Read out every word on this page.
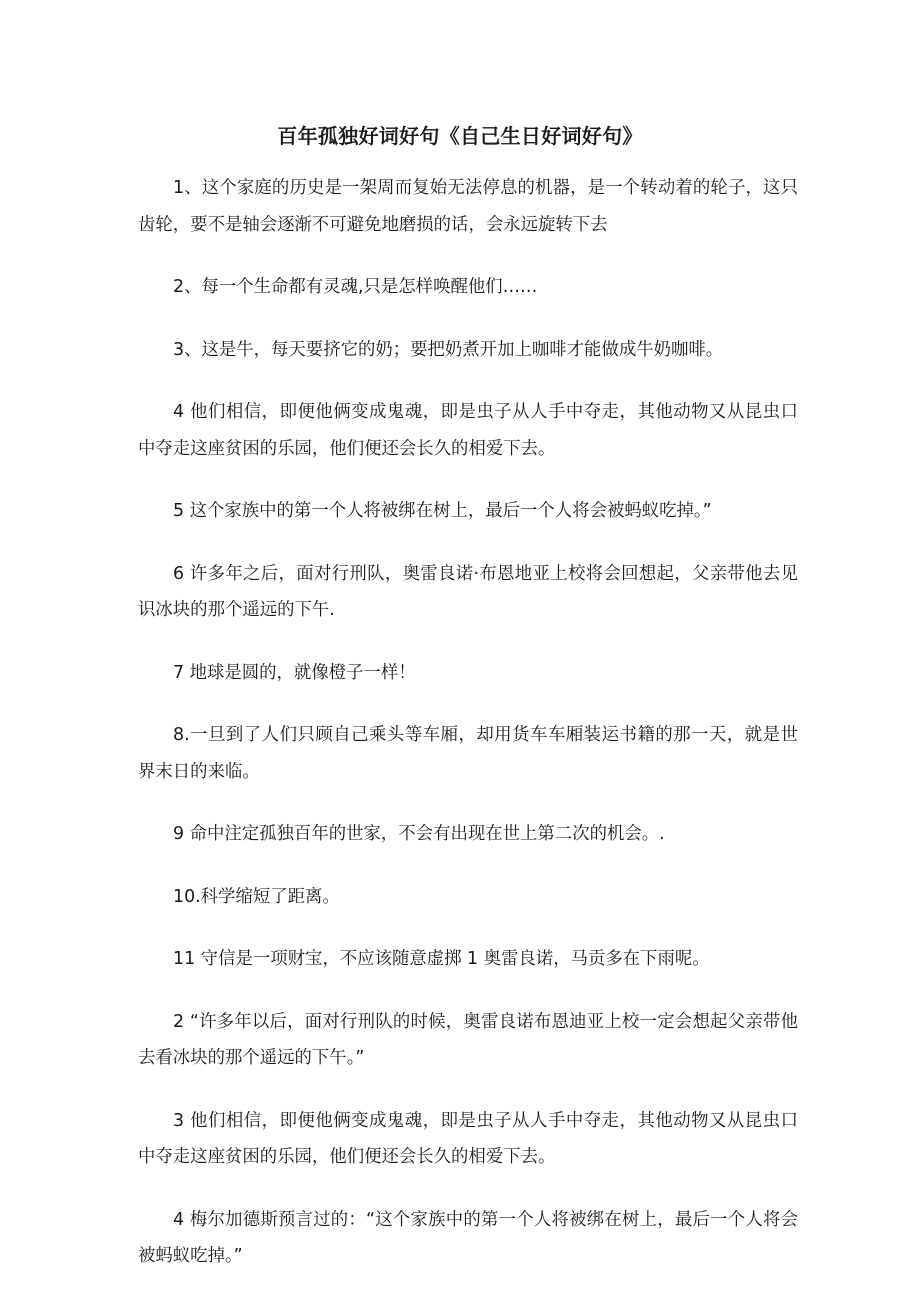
百年孤独好词好句《自己生日好词好句》

1、这个家庭的历史是一架周而复始无法停息的机器，是一个转动着的轮子，这只齿轮，要不是轴会逐渐不可避免地磨损的话，会永远旋转下去

2、每一个生命都有灵魂,只是怎样唤醒他们……

3、这是牛，每天要挤它的奶；要把奶煮开加上咖啡才能做成牛奶咖啡。

4 他们相信，即便他俩变成鬼魂，即是虫子从人手中夺走，其他动物又从昆虫口中夺走这座贫困的乐园，他们便还会长久的相爱下去。

5 这个家族中的第一个人将被绑在树上，最后一个人将会被蚂蚁吃掉。”

6 许多年之后，面对行刑队，奥雷良诺·布恩地亚上校将会回想起，父亲带他去见识冰块的那个遥远的下午.

7 地球是圆的，就像橙子一样！

8.一旦到了人们只顾自己乘头等车厢，却用货车车厢装运书籍的那一天，就是世界末日的来临。

9 命中注定孤独百年的世家，不会有出现在世上第二次的机会。.

10.科学缩短了距离。

11 守信是一项财宝，不应该随意虚掷 1 奥雷良诺，马贡多在下雨呢。

2 “许多年以后，面对行刑队的时候，奥雷良诺布恩迪亚上校一定会想起父亲带他去看冰块的那个遥远的下午。”

3 他们相信，即便他俩变成鬼魂，即是虫子从人手中夺走，其他动物又从昆虫口中夺走这座贫困的乐园，他们便还会长久的相爱下去。

4 梅尔加德斯预言过的：“这个家族中的第一个人将被绑在树上，最后一个人将会被蚂蚁吃掉。”
